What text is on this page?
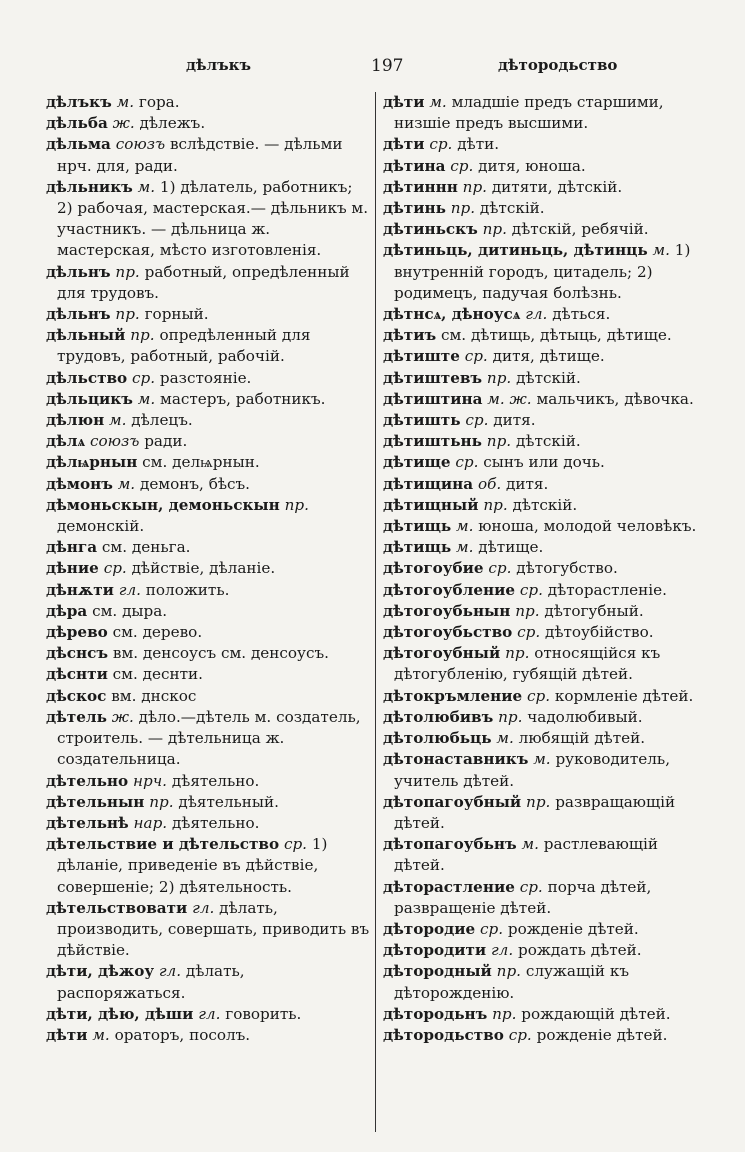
дѣлъкъ	197	дѣтородьство

дѣлъкъ м. гора.

дѣльба ж. дѣлежъ.

дѣльма союзъ вслѣдствіе. — дѣльми нрч. для, ради.

дѣльникъ м. 1) дѣлатель, работникъ; 2) рабочая, мастерская.— дѣльникъ м. участникъ. — дѣльница ж. мастерская, мѣсто изготовленія.

дѣльнъ пр. работный, опредѣленный для трудовъ.

дѣльнъ пр. горный.

дѣльный пр. опредѣленный для трудовъ, работный, рабочій.

дѣльство ср. разстояніе.

дѣльцикъ м. мастеръ, работникъ.

дѣлюн м. дѣлецъ.

дѣлѧ союзъ ради.

дѣлѩрнын см. делѩрнын.

дѣмонъ м. демонъ, бѣсъ.

дѣмоньскын, демоньскын пр. демонскій.

дѣнга см. деньга.

дѣние ср. дѣйствіе, дѣланіе.

дѣнѫти гл. положить.

дѣра см. дыра.

дѣрево см. дерево.

дѣснсъ вм. денсоусъ см. денсоусъ.

дѣснти см. деснти.

дѣскос вм. днскос

дѣтель ж. дѣло.—дѣтель м. создатель, строитель. — дѣтельница ж. создательница.

дѣтельно нрч. дѣятельно.

дѣтельнын пр. дѣятельный.

дѣтельнѣ нар. дѣятельно.

дѣтельствие и дѣтельство ср. 1) дѣланіе, приведеніе въ дѣйствіе, совершеніе; 2) дѣятельность.

дѣтельствовати гл. дѣлать, производить, совершать, приводить въ дѣйствіе.

дѣти, дѣжоу гл. дѣлать, распоряжаться.

дѣти, дѣю, дѣши гл. говорить.

дѣти м. ораторъ, посолъ.

дѣти м. младшіе предъ старшими, низшіе предъ высшими.

дѣти ср. дѣти.

дѣтина ср. дитя, юноша.

дѣтиннн пр. дитяти, дѣтскій.

дѣтинь пр. дѣтскій.

дѣтиньскъ пр. дѣтскій, ребячій.

дѣтиньць, дитиньць, дѣтинць м. 1) внутренній городъ, цитадель; 2) родимецъ, падучая болѣзнь.

дѣтнсѧ, дѣноусѧ гл. дѣться.

дѣтиъ см. дѣтищь, дѣтыць, дѣтище.

дѣтиште ср. дитя, дѣтище.

дѣтиштевъ пр. дѣтскій.

дѣтиштина м. ж. мальчикъ, дѣвочка.

дѣтишть ср. дитя.

дѣтиштьнь пр. дѣтскій.

дѣтище ср. сынъ или дочь.

дѣтищина об. дитя.

дѣтищный пр. дѣтскій.

дѣтищь м. юноша, молодой человѣкъ.

дѣтищь м. дѣтище.

дѣтогоубие ср. дѣтогубство.

дѣтогоублениe ср. дѣторастленіе.

дѣтогоубьнын пр. дѣтогубный.

дѣтогоубьство ср. дѣтоубійство.

дѣтогоубный пр. относящійся къ дѣтогубленію, губящій дѣтей.

дѣтокръмлениe ср. кормленіе дѣтей.

дѣтолюбивъ пр. чадолюбивый.

дѣтолюбьць м. любящій дѣтей.

дѣтонаставникъ м. руководитель, учитель дѣтей.

дѣтопагоубный пр. развращающій дѣтей.

дѣтопагоубьнъ м. растлевающій дѣтей.

дѣторастлениe ср. порча дѣтей, развращеніе дѣтей.

дѣтородие ср. рожденіе дѣтей.

дѣтородити гл. рождать дѣтей.

дѣтородный пр. служащій къ дѣторожденію.

дѣтородьнъ пр. рождающій дѣтей.

дѣтородьство ср. рожденіе дѣтей.
